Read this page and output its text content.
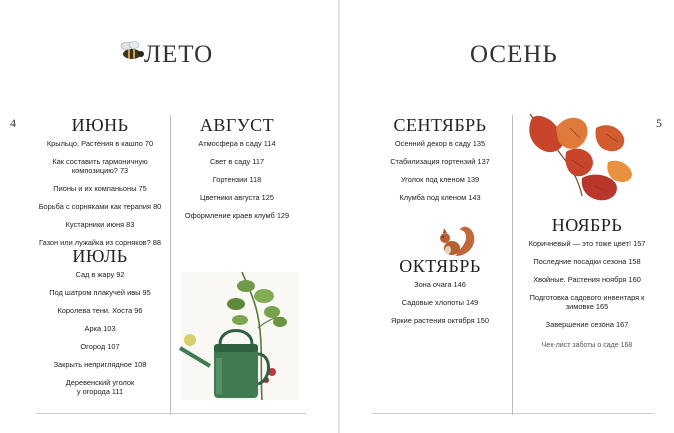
ЛЕТО
4	ИЮНЬ
Крыльцо. Растения в кашпо 70
Как составить гармоничную композицию? 73
Пионы и их компаньоны 75
Борьба с сорняками как терапия 80
Кустарники июня 83
Газон или лужайка из сорняков? 88
ИЮЛЬ
Сад в жару 92
Под шатром плакучей ивы 95
Королева тени. Хоста 96
Арка 103
Огород 107
Закрыть неприглядное 108
Деревенский уголок у огорода 111
АВГУСТ
Атмосфера в саду 114
Свет в саду 117
Гортензии 118
Цветники августа 125
Оформление краев клумб 129
ОСЕНЬ
5
СЕНТЯБРЬ
Осенний декор в саду 135
Стабилизация гортензий 137
Уголок под кленом 139
Клумба под кленом 143
ОКТЯБРЬ
Зона очага 146
Садовые хлопоты 149
Яркие растения октября 150
НОЯБРЬ
Коричневый — это тоже цвет! 157
Последние посадки сезона 158
Хвойные. Растения ноября 160
Подготовка садового инвентаря к зимовке 165
Завершение сезона 167
Чек-лист заботы о саде 168
